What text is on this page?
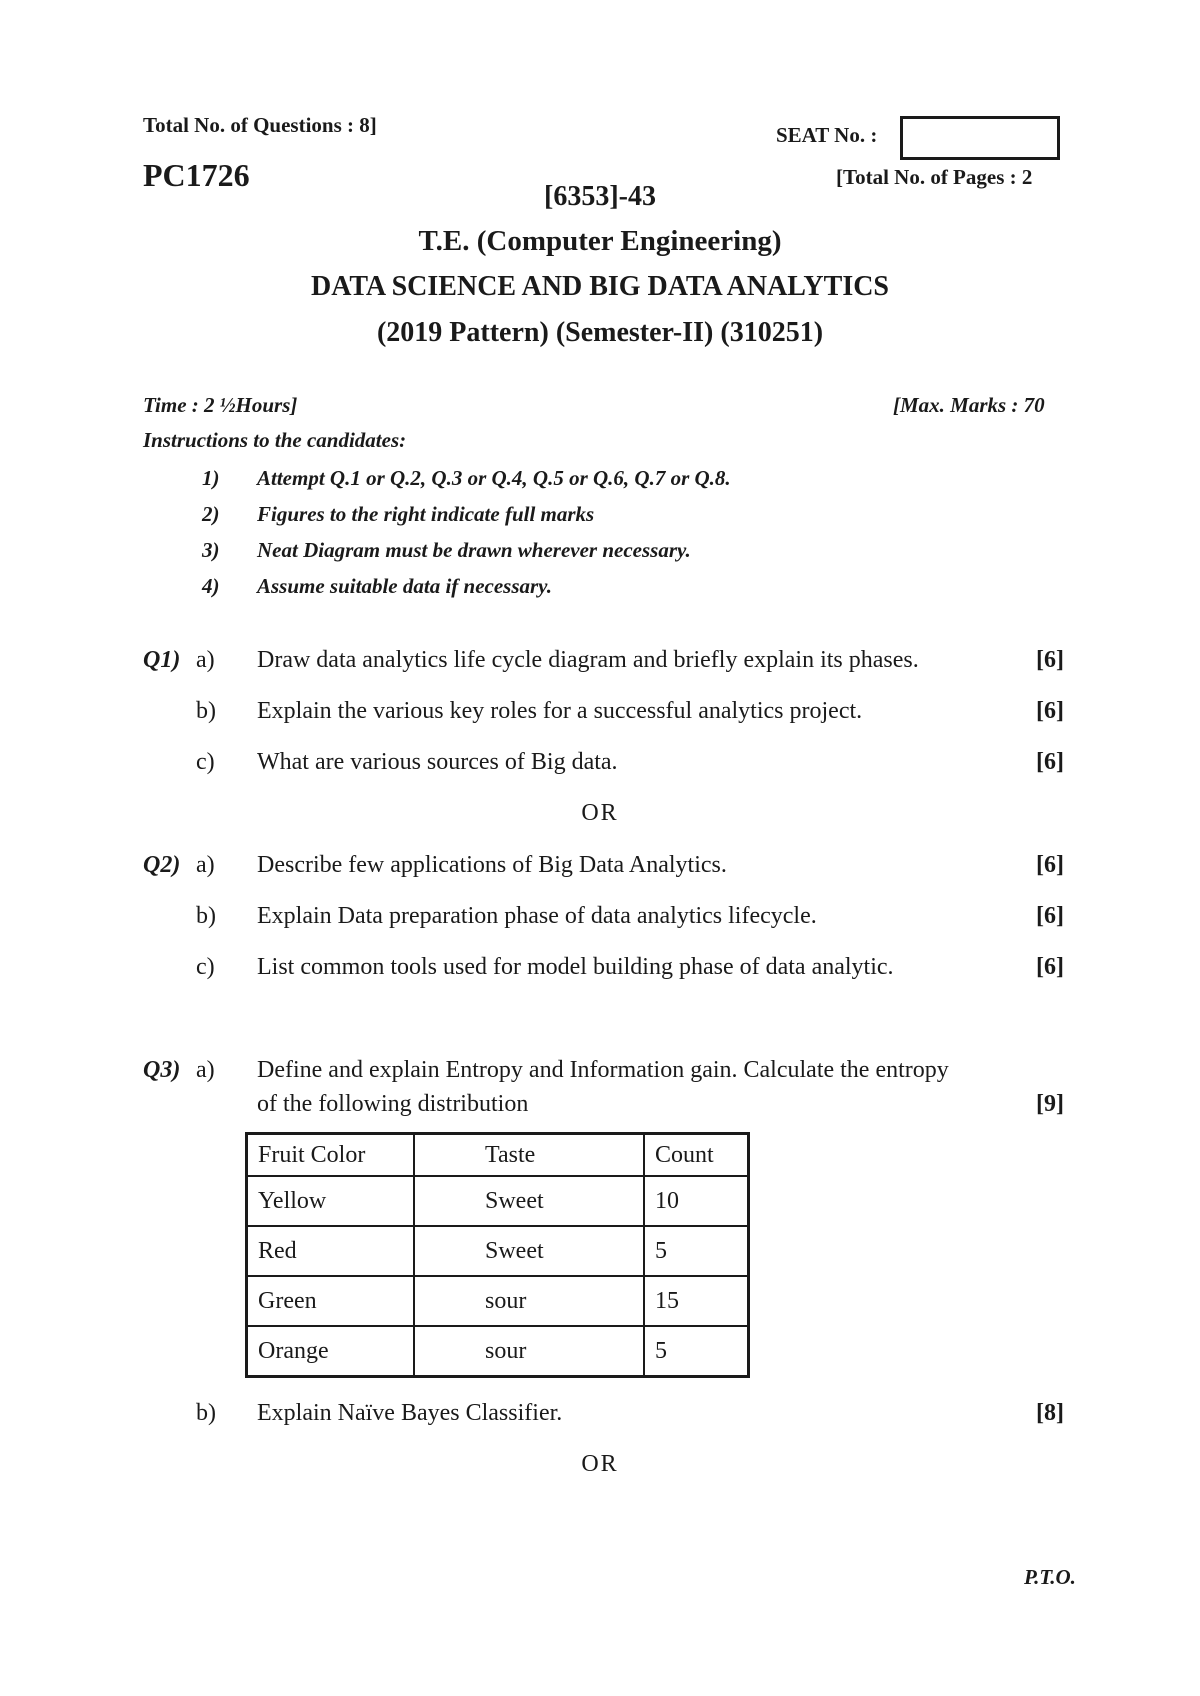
Total No. of Questions : 8]
PC1726
SEAT No. :
[Total No. of Pages : 2
[6353]-43
T.E. (Computer Engineering)
DATA SCIENCE AND BIG DATA ANALYTICS
(2019 Pattern) (Semester-II) (310251)
Time : 2 ½Hours]	[Max. Marks : 70
Instructions to the candidates:
1) Attempt Q.1 or Q.2, Q.3 or Q.4, Q.5 or Q.6, Q.7 or Q.8.
2) Figures to the right indicate full marks
3) Neat Diagram must be drawn wherever necessary.
4) Assume suitable data if necessary.
Q1) a) Draw data analytics life cycle diagram and briefly explain its phases.	[6]
b) Explain the various key roles for a successful analytics project.	[6]
c) What are various sources of Big data.	[6]
OR
Q2) a) Describe few applications of Big Data Analytics.	[6]
b) Explain Data preparation phase of data analytics lifecycle.	[6]
c) List common tools used for model building phase of data analytic.	[6]
Q3) a) Define and explain Entropy and Information gain. Calculate the entropy
of the following distribution	[9]
Fruit Color	Taste	Count
Yellow	Sweet	10
Red	Sweet	5
Green	sour	15
Orange	sour	5
b) Explain Naïve Bayes Classifier.	[8]
OR
P.T.O.
